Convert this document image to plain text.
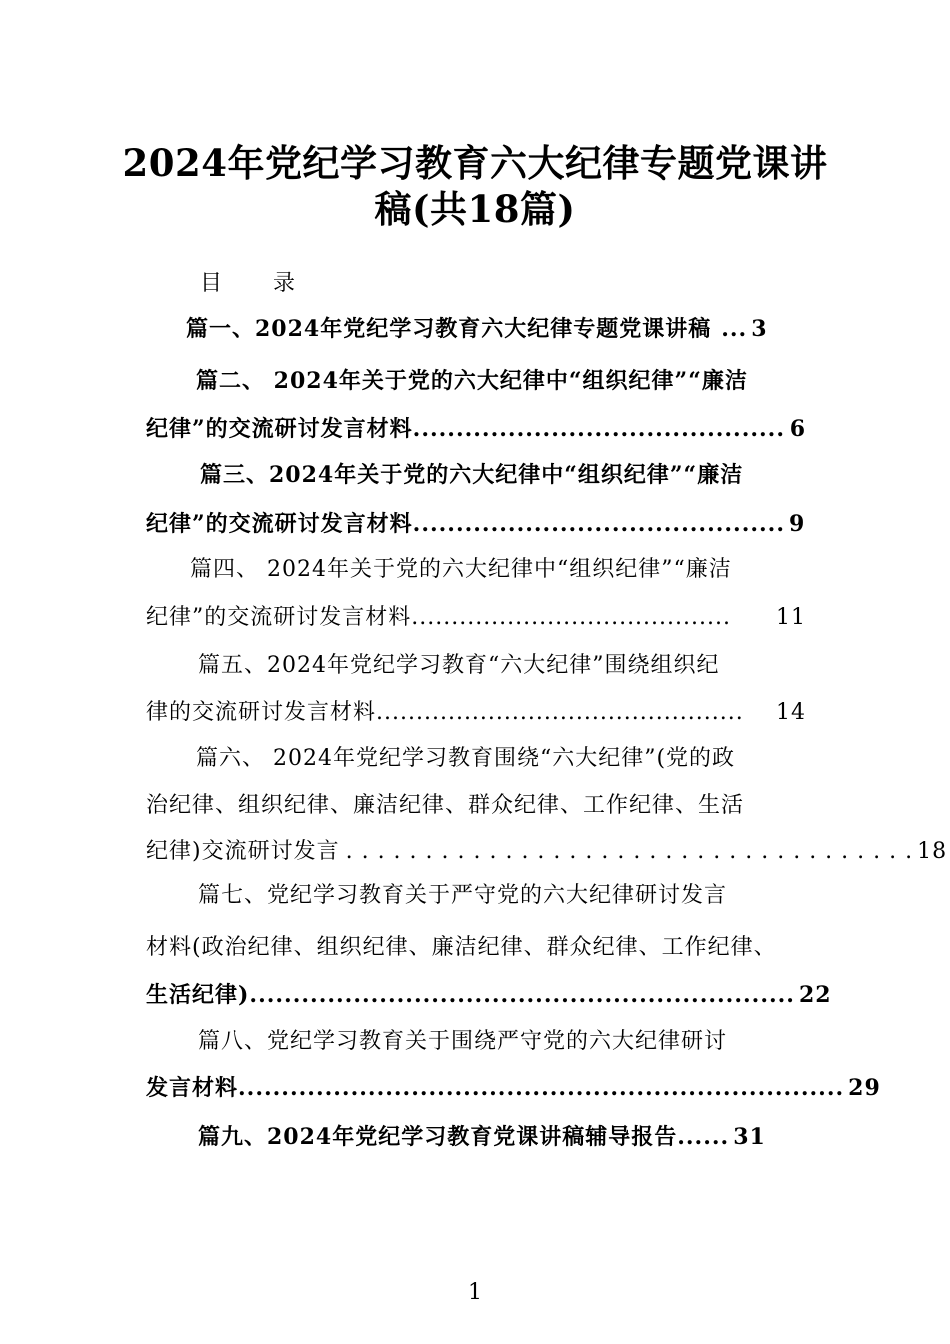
2024年党纪学习教育六大纪律专题党课讲
稿(共18篇)
目 录
篇一、2024年党纪学习教育六大纪律专题党课讲稿 ... 3
篇二、 2024年关于党的六大纪律中“组织纪律”“廉洁
纪律”的交流研讨发言材料 ........................................... 6
篇三、2024年关于党的六大纪律中“组织纪律”“廉洁
纪律”的交流研讨发言材料 ........................................... 9
篇四、 2024年关于党的六大纪律中“组织纪律”“廉洁
纪律”的交流研讨发言材料 ........................................	11
篇五、2024年党纪学习教育“六大纪律”围绕组织纪
律的交流研讨发言材料 ..............................................	14
篇六、 2024年党纪学习教育围绕“六大纪律”(党的政
治纪律、组织纪律、廉洁纪律、群众纪律、工作纪律、生活
纪律)交流研讨发言 . . . . . . . . . . . . . . . . . . . . . . . . . . . . . . . . . . . . 18
篇七、党纪学习教育关于严守党的六大纪律研讨发言
材料(政治纪律、组织纪律、廉洁纪律、群众纪律、工作纪律、
生活纪律) ............................................................... 22
篇八、党纪学习教育关于围绕严守党的六大纪律研讨
发言材料 ...................................................................... 29
篇九、2024年党纪学习教育党课讲稿辅导报告 ...... 31
1
